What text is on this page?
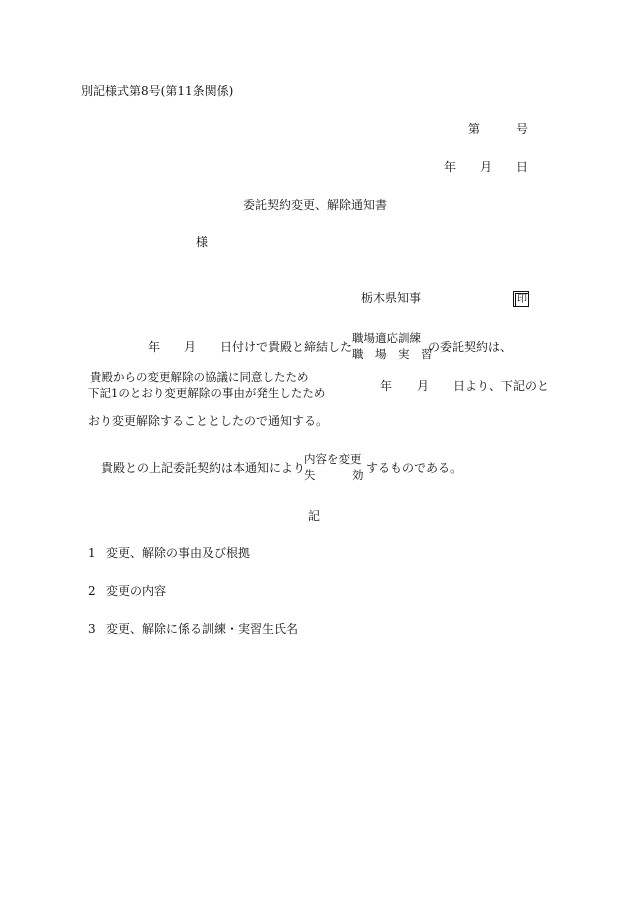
別記様式第8号(第11条関係)
第	号
年 月 日
委託契約変更、解除通知書
様
栃木県知事	印
年 月 日付けで貴殿と締結した
職場適応訓練
職　場　実　習
の委託契約は、
貴殿からの変更解除の協議に同意したため
下記1のとおり変更解除の事由が発生したため	年 月 日より、下記のと
おり変更解除することとしたので通知する。
貴殿との上記委託契約は本通知により
内容を変更
失	効 するものである。
記
1 変更、解除の事由及び根拠
2 変更の内容
3 変更、解除に係る訓練・実習生氏名
